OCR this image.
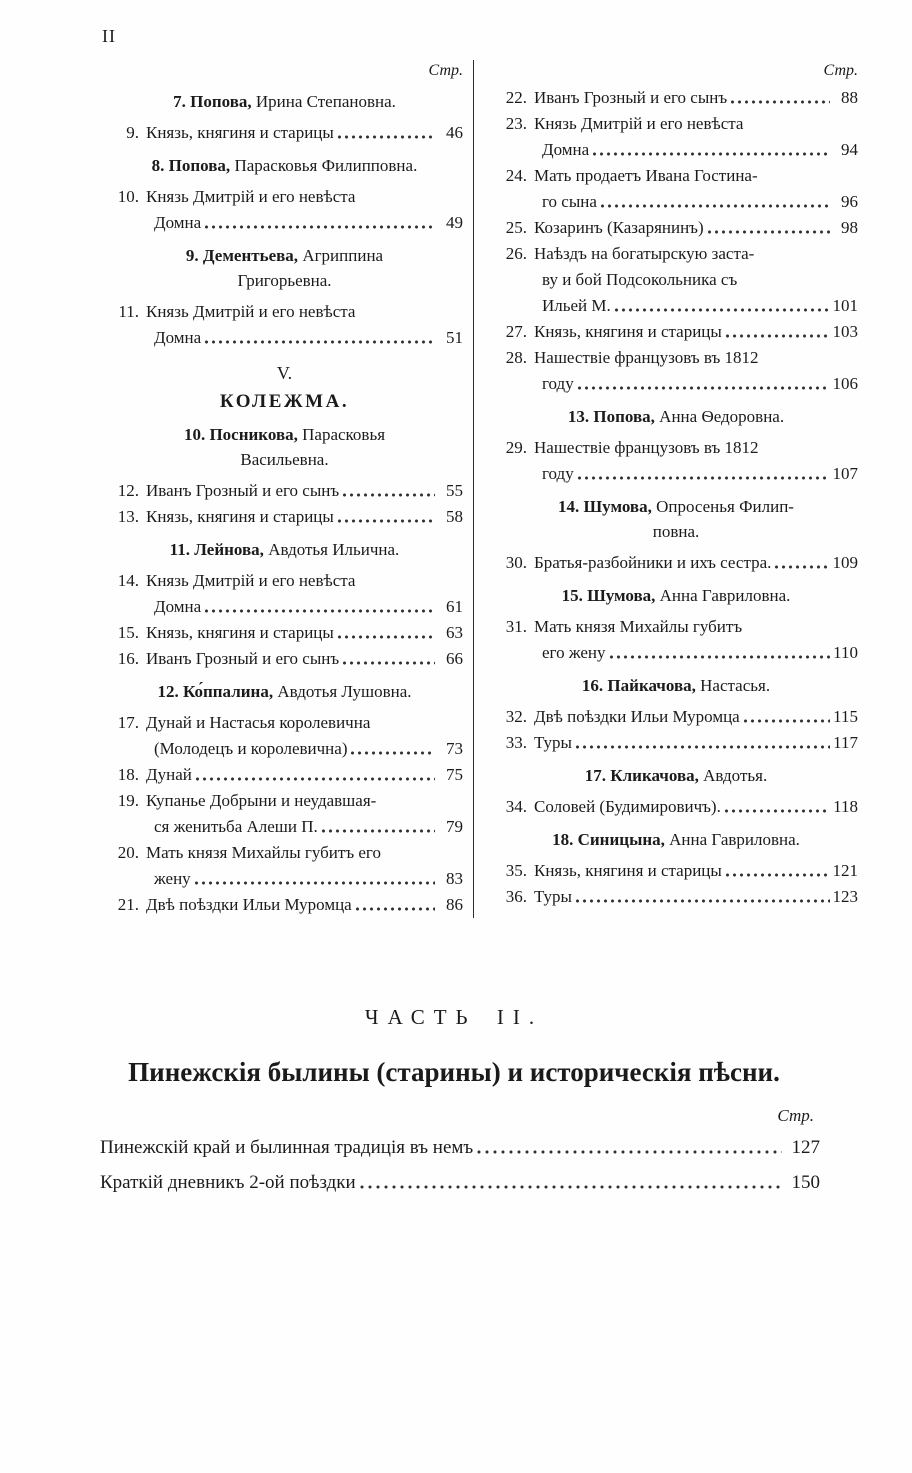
II
Стр.
7. Попова, Ирина Степановна.
9. Князь, княгиня и старицы	46
8. Попова, Парасковья Филипповна.
10. Князь Дмитрій и его невѣста
Домна	49
9. Дементьева, Агриппина
Григорьевна.
11. Князь Дмитрій и его невѣста
Домна	51
V.
КОЛЕЖМА.
10. Посникова, Парасковья
Васильевна.
12. Иванъ Грозный и его сынъ	55
13. Князь, княгиня и старицы	58
11. Лейнова, Авдотья Ильична.
14. Князь Дмитрій и его невѣста
Домна	61
15. Князь, княгиня и старицы	63
16. Иванъ Грозный и его сынъ	66
12. Ко́ппалина, Авдотья Лушовна.
17. Дунай и Настасья королевична
(Молодецъ и королевична)	73
18. Дунай	75
19. Купанье Добрыни и неудавшая-
ся женитьба Алеши П.	79
20. Мать князя Михайлы губитъ его
жену	83
21. Двѣ поѣздки Ильи Муромца	86
Стр.
22. Иванъ Грозный и его сынъ	88
23. Князь Дмитрій и его невѣста
Домна	94
24. Мать продаетъ Ивана Гостина-
го сына	96
25. Козаринъ (Казарянинъ)	98
26. Наѣздъ на богатырскую заста-
ву и бой Подсокольника съ
Ильей М.	101
27. Князь, княгиня и старицы	103
28. Нашествіе французовъ въ 1812
году	106
13. Попова, Анна Ѳедоровна.
29. Нашествіе французовъ въ 1812
году	107
14. Шумова, Опросенья Филип-
повна.
30. Братья-разбойники и ихъ сестра.	109
15. Шумова, Анна Гавриловна.
31. Мать князя Михайлы губитъ
его жену	110
16. Пайкачова, Настасья.
32. Двѣ поѣздки Ильи Муромца	115
33. Туры	117
17. Кликачова, Авдотья.
34. Соловей (Будимировичъ).	118
18. Синицына, Анна Гавриловна.
35. Князь, княгиня и старицы	121
36. Туры	123
ЧАСТЬ II.
Пинежскія былины (старины) и историческія пѣсни.
Стр.
Пинежскій край и былинная традиція въ немъ	127
Краткій дневникъ 2-ой поѣздки	150
